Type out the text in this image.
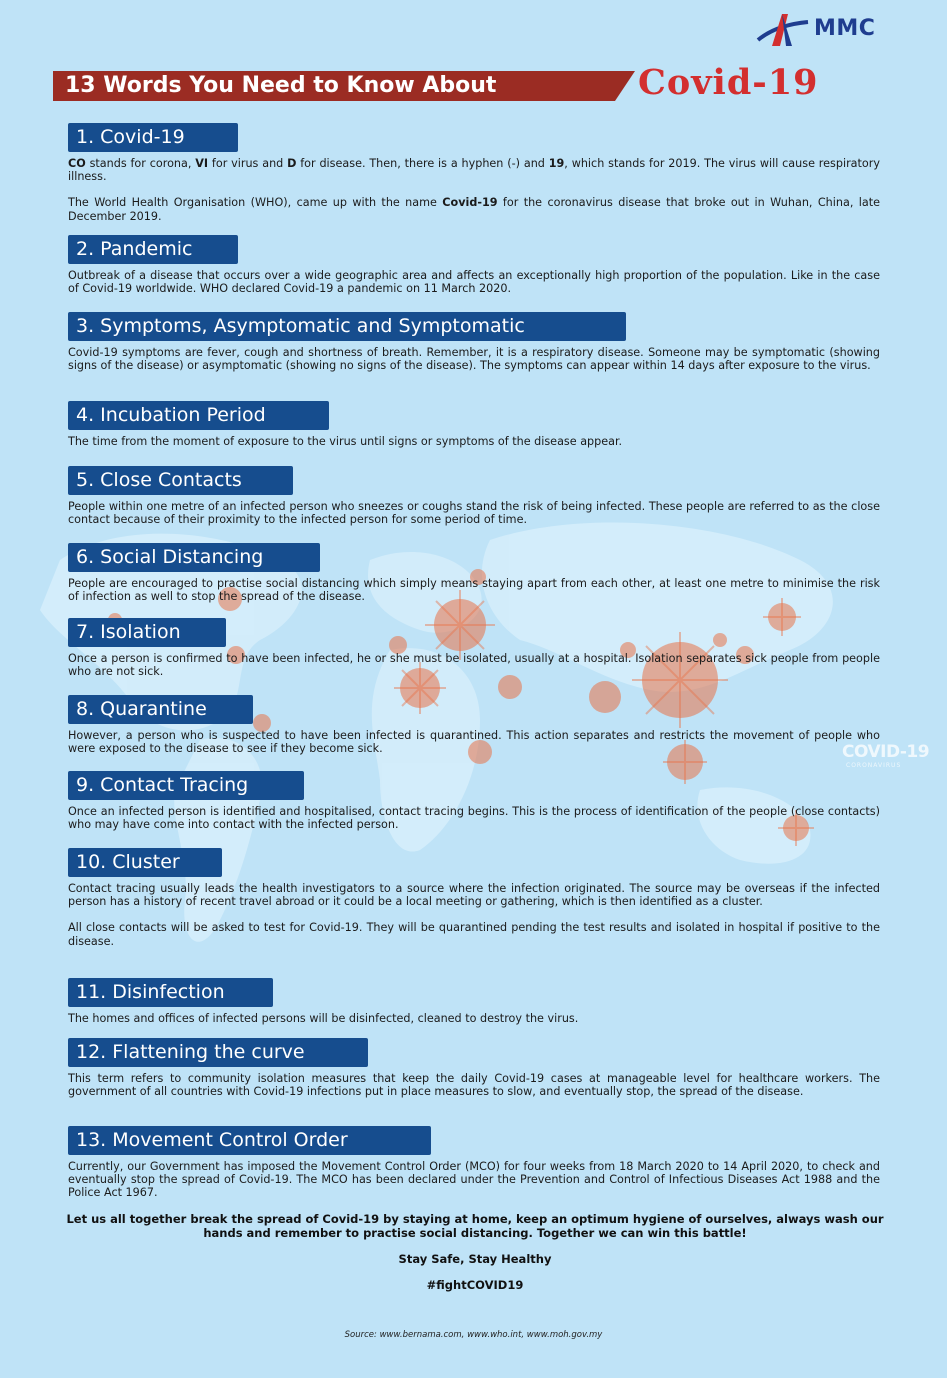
MMC
13 Words You Need to Know About	Covid-19
1. Covid-19

CO stands for corona, VI for virus and D for disease. Then, there is a hyphen (-) and 19, which stands for 2019. The virus will cause respiratory illness.

The World Health Organisation (WHO), came up with the name Covid-19 for the coronavirus disease that broke out in Wuhan, China, late December 2019.

2. Pandemic

Outbreak of a disease that occurs over a wide geographic area and affects an exceptionally high proportion of the population. Like in the case of Covid-19 worldwide. WHO declared Covid-19 a pandemic on 11 March 2020.

3. Symptoms, Asymptomatic and Symptomatic

Covid-19 symptoms are fever, cough and shortness of breath. Remember, it is a respiratory disease. Someone may be symptomatic (showing signs of the disease) or asymptomatic (showing no signs of the disease). The symptoms can appear within 14 days after exposure to the virus.

4. Incubation Period

The time from the moment of exposure to the virus until signs or symptoms of the disease appear.

5. Close Contacts

People within one metre of an infected person who sneezes or coughs stand the risk of being infected. These people are referred to as the close contact because of their proximity to the infected person for some period of time.

6. Social Distancing

People are encouraged to practise social distancing which simply means staying apart from each other, at least one metre to minimise the risk of infection as well to stop the spread of the disease.

7. Isolation

Once a person is confirmed to have been infected, he or she must be isolated, usually at a hospital. Isolation separates sick people from people who are not sick.

8. Quarantine

However, a person who is suspected to have been infected is quarantined. This action separates and restricts the movement of people who were exposed to the disease to see if they become sick.

9. Contact Tracing

Once an infected person is identified and hospitalised, contact tracing begins. This is the process of identification of the people (close contacts) who may have come into contact with the infected person.

10. Cluster

Contact tracing usually leads the health investigators to a source where the infection originated. The source may be overseas if the infected person has a history of recent travel abroad or it could be a local meeting or gathering, which is then identified as a cluster.

All close contacts will be asked to test for Covid-19. They will be quarantined pending the test results and isolated in hospital if positive to the disease.

11. Disinfection

The homes and offices of infected persons will be disinfected, cleaned to destroy the virus.

12. Flattening the curve

This term refers to community isolation measures that keep the daily Covid-19 cases at manageable level for healthcare workers. The government of all countries with Covid-19 infections put in place measures to slow, and eventually stop, the spread of the disease.

13. Movement Control Order

Currently, our Government has imposed the Movement Control Order (MCO) for four weeks from 18 March 2020 to 14 April 2020, to check and eventually stop the spread of Covid-19. The MCO has been declared under the Prevention and Control of Infectious Diseases Act 1988 and the Police Act 1967.

COVID-19
CORONAVIRUS
Let us all together break the spread of Covid-19 by staying at home, keep an optimum hygiene of ourselves, always wash our hands and remember to practise social distancing. Together we can win this battle!
Stay Safe, Stay Healthy
#fightCOVID19
Source: www.bernama.com, www.who.int, www.moh.gov.my
